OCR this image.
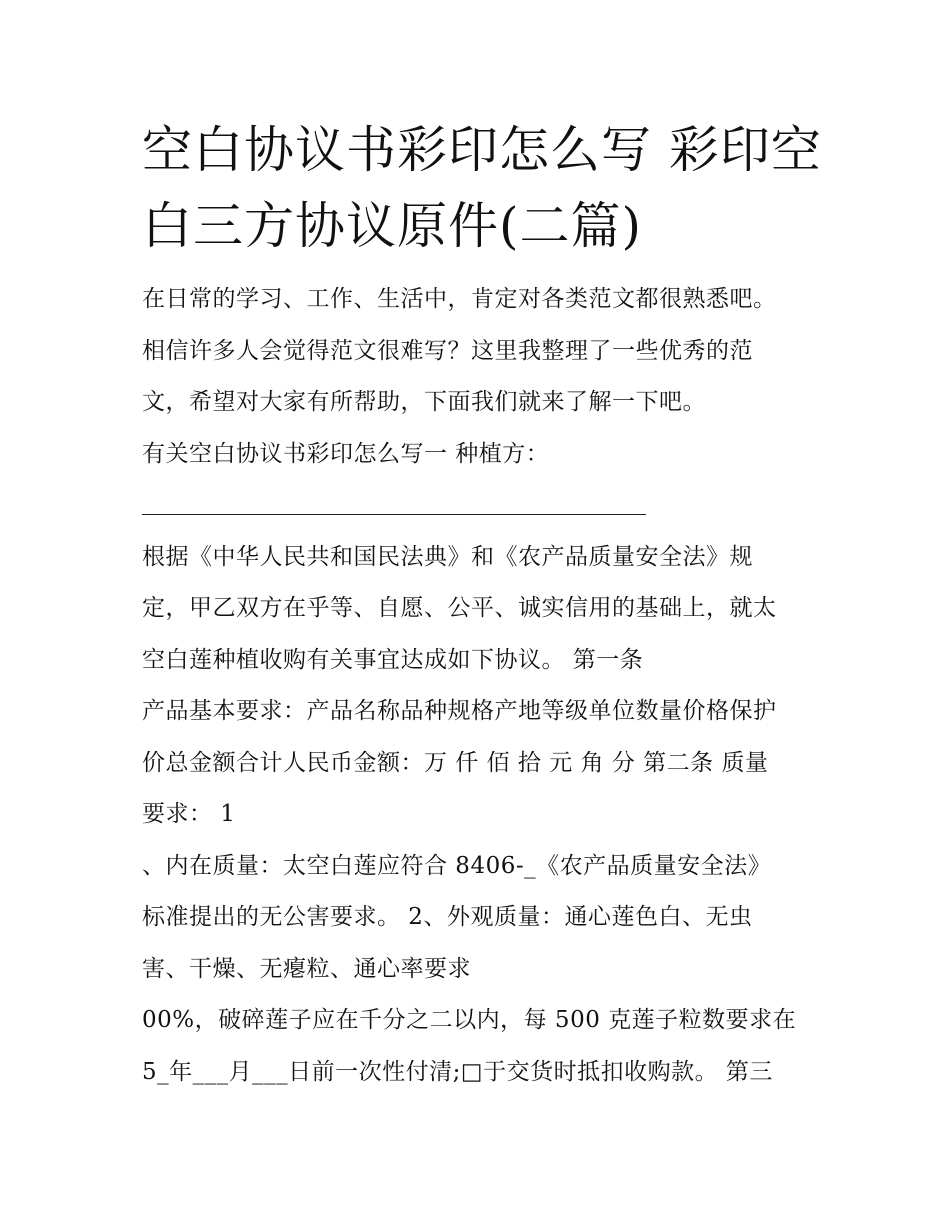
空白协议书彩印怎么写 彩印空
白三方协议原件(二篇)
在日常的学习、工作、生活中，肯定对各类范文都很熟悉吧。
相信许多人会觉得范文很难写？这里我整理了一些优秀的范
文，希望对大家有所帮助，下面我们就来了解一下吧。
有关空白协议书彩印怎么写一 种植方：
根据《中华人民共和国民法典》和《农产品质量安全法》规
定，甲乙双方在乎等、自愿、公平、诚实信用的基础上，就太
空白莲种植收购有关事宜达成如下协议。 第一条
产品基本要求：产品名称品种规格产地等级单位数量价格保护
价总金额合计人民币金额：万 仟 佰 拾 元 角 分 第二条 质量
要求： 1
、内在质量：太空白莲应符合 8406-_《农产品质量安全法》
标准提出的无公害要求。 2、外观质量：通心莲色白、无虫
害、干燥、无瘪粒、通心率要求
00%，破碎莲子应在千分之二以内，每 500 克莲子粒数要求在
5_年___月___日前一次性付清;□于交货时抵扣收购款。 第三
